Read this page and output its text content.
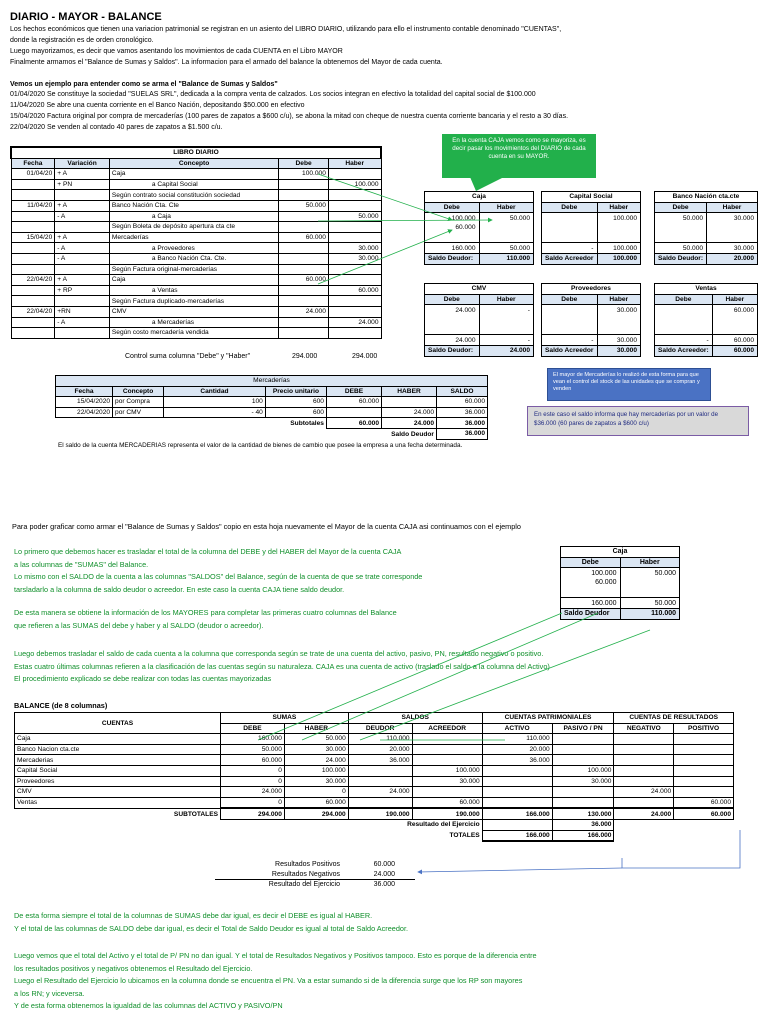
DIARIO - MAYOR - BALANCE
Los hechos económicos que tienen una variacion patrimonial se registran en un asiento del LIBRO DIARIO, utilizando para ello el instrumento contable denominado "CUENTAS",
donde la registración es de orden cronológico.
Luego mayorizamos, es decir que vamos asentando los movimientos de cada CUENTA en el Libro MAYOR
Finalmente armamos el "Balance de Sumas y Saldos". La informacion para el armado del balance la obtenemos del Mayor de cada cuenta.
Vemos un ejemplo para entender como se arma el "Balance de Sumas y Saldos"
01/04/2020 Se constituye la sociedad "SUELAS SRL", dedicada a la compra venta de calzados. Los socios integran en efectivo la totalidad del capital social de $100.000
11/04/2020 Se abre una cuenta corriente en el Banco Nación, depositando $50.000 en efectivo
15/04/2020 Factura original por compra de mercaderías (100 pares de zapatos a $600 c/u), se abona la mitad con cheque de nuestra cuenta corriente bancaria y el resto a 30 días.
22/04/2020 Se venden al contado 40 pares de zapatos a $1.500 c/u.
LIBRO DIARIO				
Fecha	Variación	Concepto	Debe	Haber
01/04/20	+ A	Caja	100.000	
	+ PN	a Capital Social		100.000
		Según contrato social constitución sociedad		
11/04/20	+ A	Banco Nación Cta. Cte	50.000	
	- A	a Caja		50.000
		Según Boleta de depósito apertura cta cte		
15/04/20	+ A	Mercaderías	60.000	
	- A	a Proveedores		30.000
	- A	a Banco Nación Cta. Cte.		30.000
		Según Factura original-mercaderías		
22/04/20	+ A	Caja	60.000	
	+ RP	a Ventas		60.000
		Según Factura duplicado-mercaderías		
22/04/20	+RN	CMV	24.000	
	- A	a Mercaderías		24.000
		Según costo mercadería vendida		
Control suma columna "Debe" y "Haber"	294.000	294.000
En la cuenta CAJA vemos como se mayoriza, es decir pasar los movimientos del DIARIO de cada cuenta en su MAYOR.
Caja	
Debe	Haber
100.000	50.000
60.000	

160.000	50.000
Saldo Deudor:	110.000
Capital Social	
Debe	Haber
	100.000

-	100.000
Saldo Acreedor	100.000
Banco Nación cta.cte	
Debe	Haber
50.000	30.000

50.000	30.000
Saldo Deudor:	20.000
CMV	
Debe	Haber
24.000	-

24.000	-
Saldo Deudor:	24.000
Proveedores	
Debe	Haber
	30.000

-	30.000
Saldo Acreedor	30.000
Ventas	
Debe	Haber
	60.000

-	60.000
Saldo Acreedor:	60.000
Mercaderías						
Fecha	Concepto	Cantidad	Precio unitario	DEBE	HABER	SALDO
15/04/2020	por Compra	100	600	60.000		60.000
22/04/2020	por CMV	- 40	600		24.000	36.000
			Subtotales	60.000	24.000	36.000
					Saldo Deudor	36.000
El saldo de la cuenta MERCADERIAS representa el valor de la cantidad de bienes de cambio que posee la empresa a una fecha determinada.
El mayor de Mercaderías lo realizó de esta forma para que vean el control del stock de las unidades que se compran y venden
En este caso el saldo informa que hay mercaderías por un valor de $36.000 (60 pares de zapatos a $600 c/u)
Para poder graficar como armar el "Balance de Sumas y Saldos" copio en esta hoja nuevamente el Mayor de la cuenta CAJA asi continuamos con el ejemplo
Lo primero que debemos hacer es trasladar el total de la columna del DEBE y del HABER del Mayor de la cuenta CAJA
a las columnas de "SUMAS" del Balance.
Lo mismo con el SALDO de la cuenta a las columnas "SALDOS" del Balance, según de la cuenta de que se trate corresponde
tarsladarlo a la columna de saldo deudor o acreedor. En este caso la cuenta CAJA tiene saldo deudor.
De esta manera se obtiene la información de los MAYORES para completar las primeras cuatro columnas del Balance
que refieren a las SUMAS del debe y haber y al SALDO (deudor o acreedor).
Luego debemos trasladar el saldo de cada cuenta a la columna que corresponda según se trate de una cuenta del activo, pasivo, PN, resultado negativo o positivo.
Estas cuatro últimas columnas refieren a la clasificación de las cuentas según su naturaleza. CAJA es una cuenta de activo (traslado el saldo a la columna del Activo)
El procedimiento explicado se debe realizar con todas las cuentas mayorizadas
Caja	
Debe	Haber
100.000	50.000
60.000	

160.000	50.000
Saldo Deudor	110.000
BALANCE (de 8 columnas)
CUENTAS	SUMAS		SALDOS		CUENTAS PATRIMONIALES		CUENTAS DE RESULTADOS	
	DEBE	HABER	DEUDOR	ACREEDOR	ACTIVO	PASIVO / PN	NEGATIVO	POSITIVO
Caja	160.000	50.000	110.000		110.000			
Banco Nacion cta.cte	50.000	30.000	20.000		20.000			
Mercaderias	60.000	24.000	36.000		36.000			
Capital Social	0	100.000		100.000		100.000		
Proveedores	0	30.000		30.000		30.000		
CMV	24.000	0	24.000				24.000	
Ventas	0	60.000		60.000				60.000
SUBTOTALES	294.000	294.000	190.000	190.000	166.000	130.000	24.000	60.000
			Resultado del Ejercicio			36.000		
				TOTALES	166.000	166.000		
Resultados Positivos	60.000
Resultados Negativos	24.000
Resultado del Ejercicio	36.000
De esta forma siempre el total de la columnas de SUMAS debe dar igual, es decir el DEBE es igual al HABER.
Y el total de las columnas de SALDO debe dar igual, es decir el Total de Saldo Deudor es igual al total de Saldo Acreedor.
Luego vemos que el total del Activo y el total de P/ PN no dan igual. Y el total de Resultados Negativos y Positivos tampoco. Esto es porque de la diferencia entre
los resultados positivos y negativos obtenemos el Resultado del Ejercicio.
Luego el Resultado del Ejercicio lo ubicamos en la columna donde se encuentra el PN. Va a estar sumando si de la diferencia surge que los RP son mayores
a los RN; y viceversa.
Y de esta forma obtenemos la igualdad de las columnas del ACTIVO y PASIVO/PN
